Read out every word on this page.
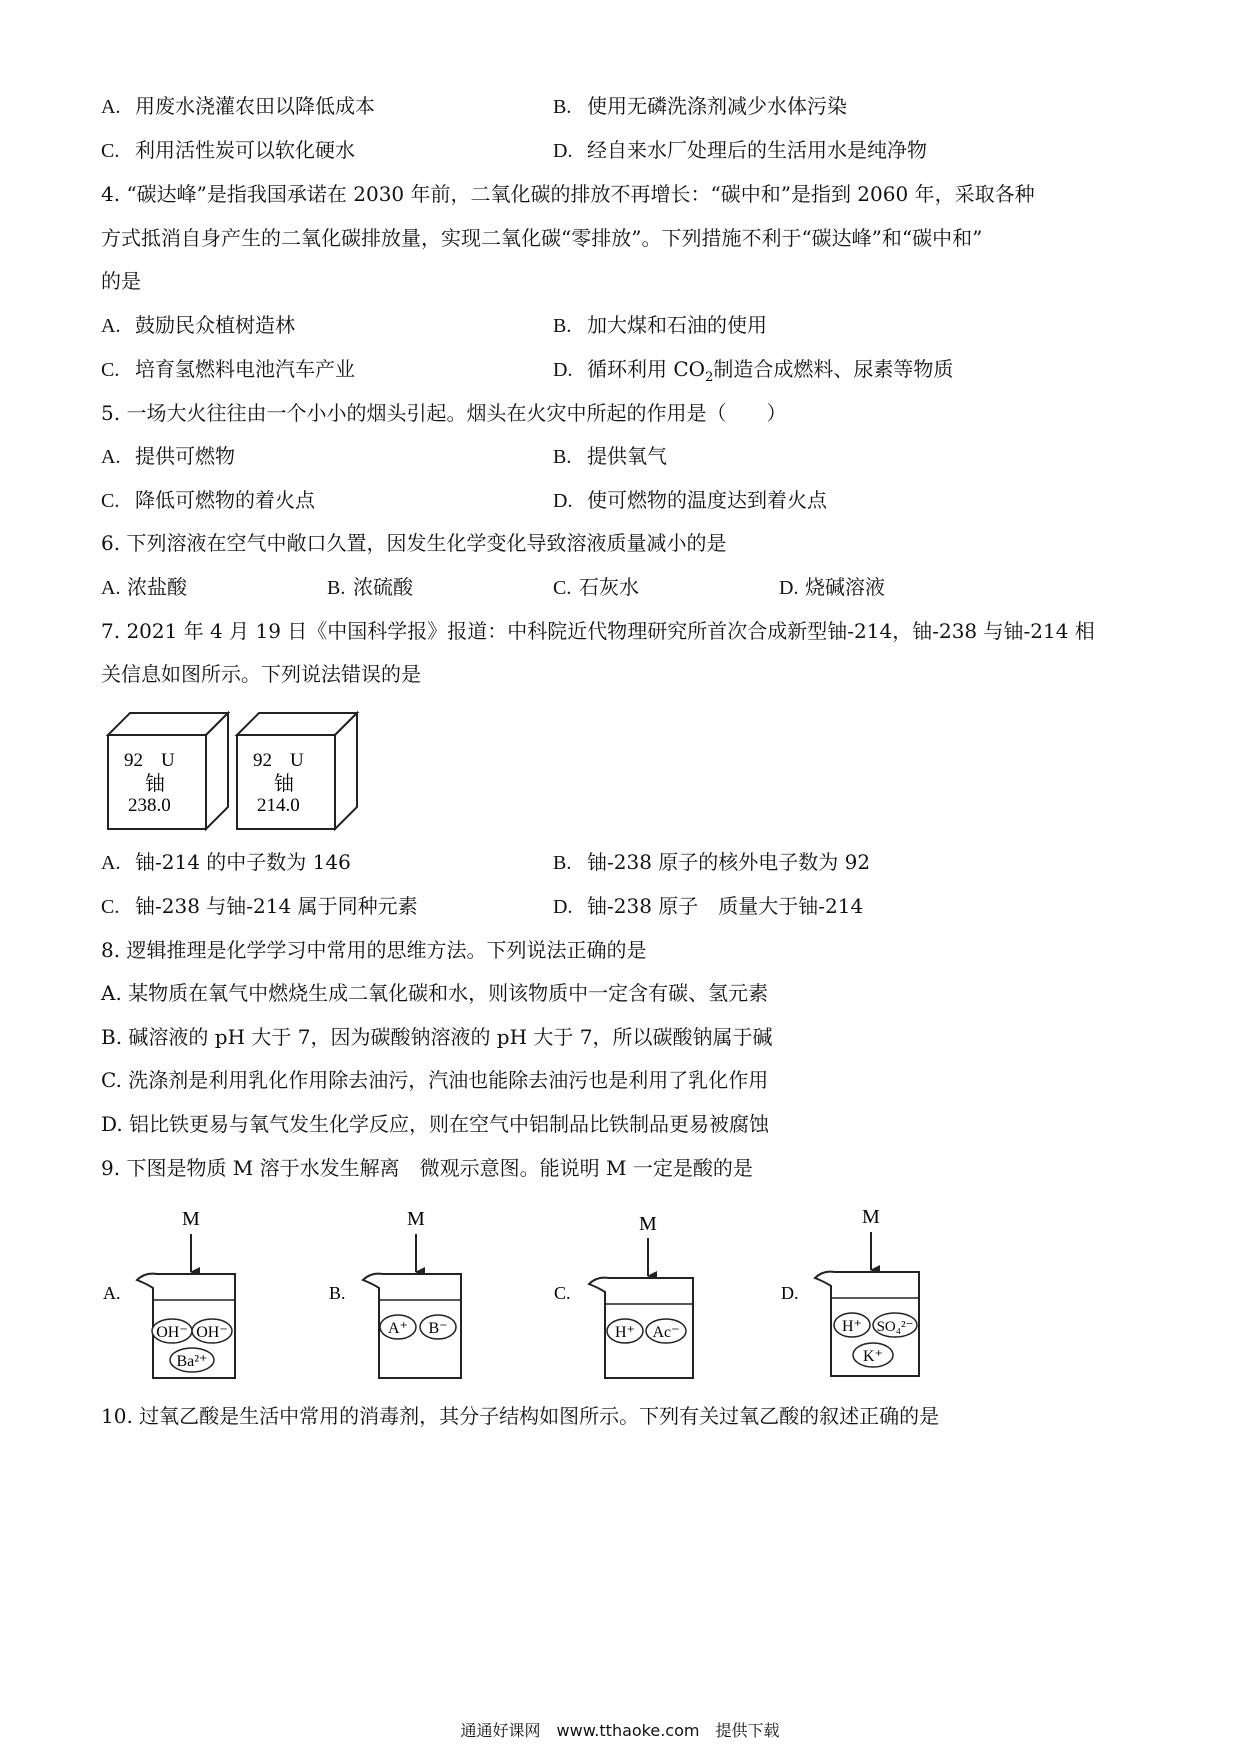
A. 用废水浇灌农田以降低成本	B. 使用无磷洗涤剂减少水体污染
C. 利用活性炭可以软化硬水	D. 经自来水厂处理后的生活用水是纯净物
4. “碳达峰”是指我国承诺在 2030 年前，二氧化碳的排放不再增长：“碳中和”是指到 2060 年，采取各种
方式抵消自身产生的二氧化碳排放量，实现二氧化碳“零排放”。下列措施不利于“碳达峰”和“碳中和”
的是
A. 鼓励民众植树造林	B. 加大煤和石油的使用
C. 培育氢燃料电池汽车产业	D. 循环利用 $CO_2$制造合成燃料、尿素等物质
5. 一场大火往往由一个小小的烟头引起。烟头在火灾中所起的作用是（　　）
A. 提供可燃物	B. 提供氧气
C. 降低可燃物的着火点	D. 使可燃物的温度达到着火点
6. 下列溶液在空气中敞口久置，因发生化学变化导致溶液质量减小的是
A. 浓盐酸	B. 浓硫酸	C. 石灰水	D. 烧碱溶液
7. 2021 年 4 月 19 日《中国科学报》报道：中科院近代物理研究所首次合成新型铀-214，铀-238 与铀-214 相
关信息如图所示。下列说法错误的是
92 U
铀
238.0
92 U
铀
214.0
A. 铀-214 的中子数为 146	B. 铀-238 原子的核外电子数为 92
C. 铀-238 与铀-214 属于同种元素	D. 铀-238 原子　质量大于铀-214
8. 逻辑推理是化学学习中常用的思维方法。下列说法正确的是
A. 某物质在氧气中燃烧生成二氧化碳和水，则该物质中一定含有碳、氢元素
B. 碱溶液的 pH 大于 7，因为碳酸钠溶液的 pH 大于 7，所以碳酸钠属于碱
C. 洗涤剂是利用乳化作用除去油污，汽油也能除去油污也是利用了乳化作用
D. 铝比铁更易与氧气发生化学反应，则在空气中铝制品比铁制品更易被腐蚀
9. 下图是物质 M 溶于水发生解离　微观示意图。能说明 M 一定是酸的是
A.
M
OH⁻ OH⁻
Ba²⁺
B.
M
A⁺ B⁻
C.
M
H⁺ Ac⁻
D.
M
H⁺ SO₄²⁻
K⁺
10. 过氧乙酸是生活中常用的消毒剂，其分子结构如图所示。下列有关过氧乙酸的叙述正确的是
通通好课网　www.tthaoke.com　提供下载
